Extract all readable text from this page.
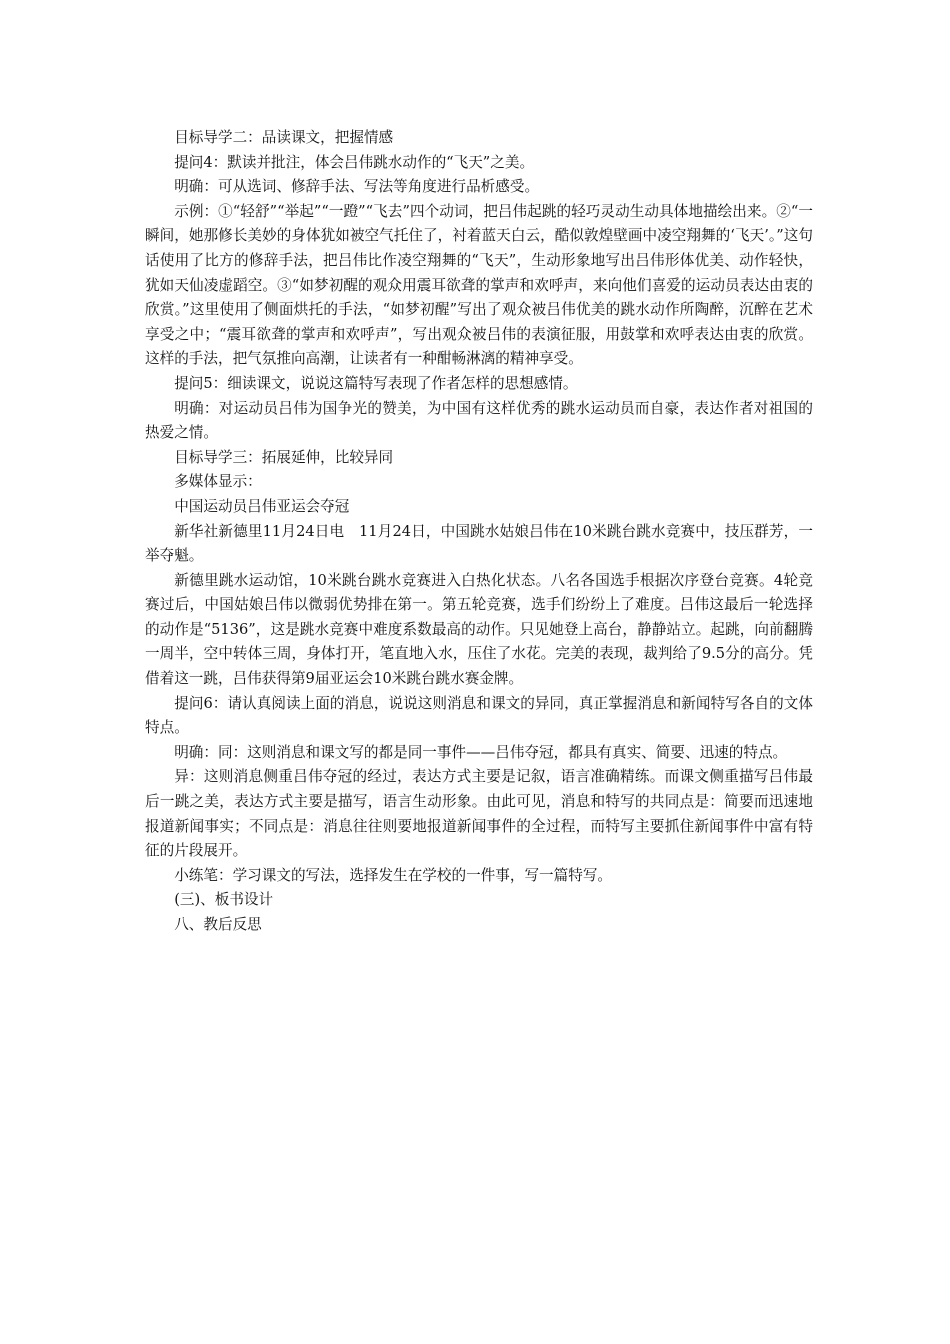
目标导学二：品读课文，把握情感

提问4：默读并批注，体会吕伟跳水动作的“飞天”之美。

明确：可从选词、修辞手法、写法等角度进行品析感受。

示例：①“轻舒”“举起”“一蹬”“飞去”四个动词，把吕伟起跳的轻巧灵动生动具体地描绘出来。②“一瞬间，她那修长美妙的身体犹如被空气托住了，衬着蓝天白云，酷似敦煌壁画中凌空翔舞的‘飞天’。”这句话使用了比方的修辞手法，把吕伟比作凌空翔舞的“飞天”，生动形象地写出吕伟形体优美、动作轻快，犹如天仙凌虚蹈空。③“如梦初醒的观众用震耳欲聋的掌声和欢呼声，来向他们喜爱的运动员表达由衷的欣赏。”这里使用了侧面烘托的手法，“如梦初醒”写出了观众被吕伟优美的跳水动作所陶醉，沉醉在艺术享受之中；“震耳欲聋的掌声和欢呼声”，写出观众被吕伟的表演征服，用鼓掌和欢呼表达由衷的欣赏。这样的手法，把气氛推向高潮，让读者有一种酣畅淋漓的精神享受。

提问5：细读课文，说说这篇特写表现了作者怎样的思想感情。

明确：对运动员吕伟为国争光的赞美，为中国有这样优秀的跳水运动员而自豪，表达作者对祖国的热爱之情。

目标导学三：拓展延伸，比较异同

多媒体显示：

中国运动员吕伟亚运会夺冠

新华社新德里11月24日电　11月24日，中国跳水姑娘吕伟在10米跳台跳水竞赛中，技压群芳，一举夺魁。

新德里跳水运动馆，10米跳台跳水竞赛进入白热化状态。八名各国选手根据次序登台竞赛。4轮竞赛过后，中国姑娘吕伟以微弱优势排在第一。第五轮竞赛，选手们纷纷上了难度。吕伟这最后一轮选择的动作是“5136”，这是跳水竞赛中难度系数最高的动作。只见她登上高台，静静站立。起跳，向前翻腾一周半，空中转体三周，身体打开，笔直地入水，压住了水花。完美的表现，裁判给了9.5分的高分。凭借着这一跳，吕伟获得第9届亚运会10米跳台跳水赛金牌。

提问6：请认真阅读上面的消息，说说这则消息和课文的异同，真正掌握消息和新闻特写各自的文体特点。

明确：同：这则消息和课文写的都是同一事件——吕伟夺冠，都具有真实、简要、迅速的特点。

异：这则消息侧重吕伟夺冠的经过，表达方式主要是记叙，语言准确精练。而课文侧重描写吕伟最后一跳之美，表达方式主要是描写，语言生动形象。由此可见，消息和特写的共同点是：简要而迅速地报道新闻事实；不同点是：消息往往则要地报道新闻事件的全过程，而特写主要抓住新闻事件中富有特征的片段展开。

小练笔：学习课文的写法，选择发生在学校的一件事，写一篇特写。

(三)、板书设计

八、教后反思
